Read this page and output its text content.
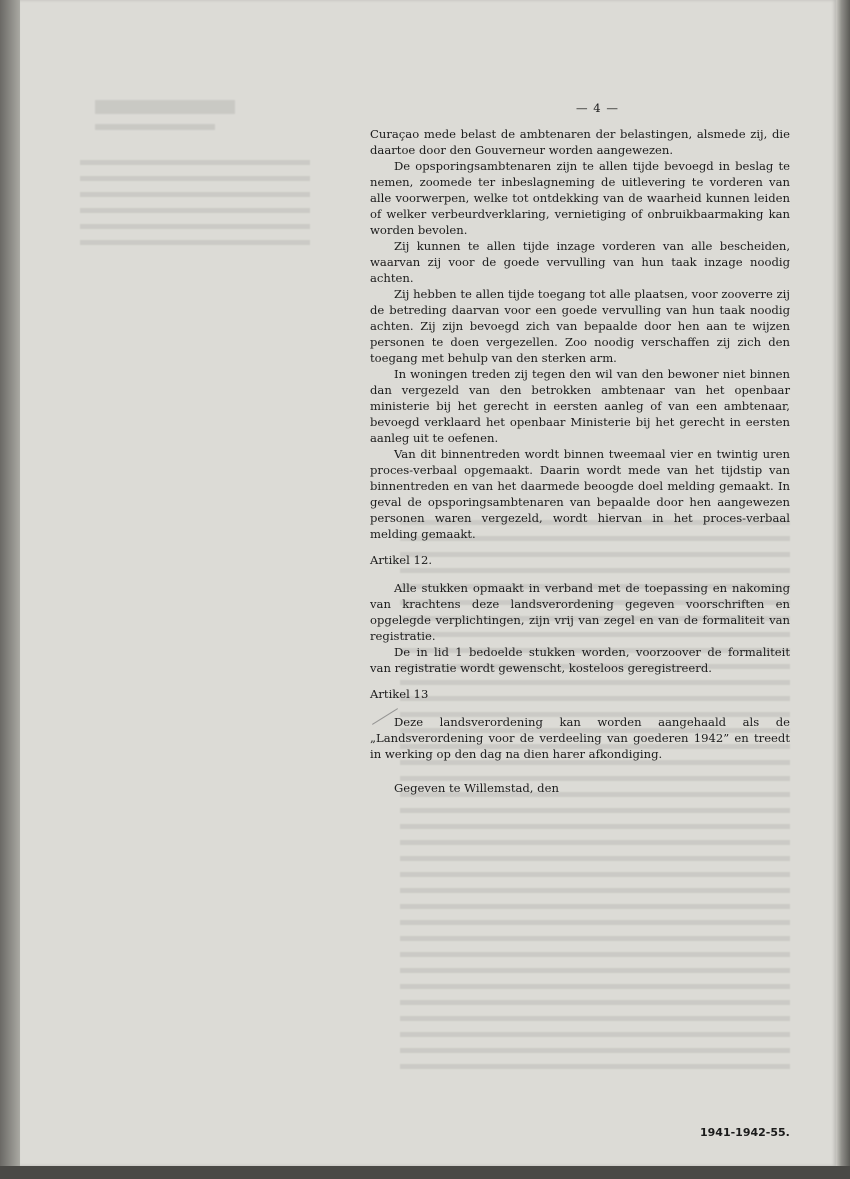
— 4 —

Curaçao mede belast de ambtenaren der belastingen, alsmede zij, die daartoe door den Gouverneur worden aangewezen.

De opsporingsambtenaren zijn te allen tijde bevoegd in beslag te nemen, zoomede ter inbeslagneming de uitlevering te vorderen van alle voorwerpen, welke tot ontdekking van de waarheid kunnen leiden of welker verbeurdverklaring, vernietiging of onbruikbaarmaking kan worden bevolen.

Zij kunnen te allen tijde inzage vorderen van alle bescheiden, waarvan zij voor de goede vervulling van hun taak inzage noodig achten.

Zij hebben te allen tijde toegang tot alle plaatsen, voor zooverre zij de betreding daarvan voor een goede vervulling van hun taak noodig achten. Zij zijn bevoegd zich van bepaalde door hen aan te wijzen personen te doen vergezellen. Zoo noodig verschaffen zij zich den toegang met behulp van den sterken arm.

In woningen treden zij tegen den wil van den bewoner niet binnen dan vergezeld van den betrokken ambtenaar van het openbaar ministerie bij het gerecht in eersten aanleg of van een ambtenaar, bevoegd verklaard het openbaar Ministerie bij het gerecht in eersten aanleg uit te oefenen.

Van dit binnentreden wordt binnen tweemaal vier en twintig uren proces-verbaal opgemaakt. Daarin wordt mede van het tijdstip van binnentreden en van het daarmede beoogde doel melding gemaakt. In geval de opsporingsambtenaren van bepaalde door hen aangewezen personen waren vergezeld, wordt hiervan in het proces-verbaal melding gemaakt.

Artikel 12.

Alle stukken opmaakt in verband met de toepassing en nakoming van krachtens deze landsverordening gegeven voorschriften en opgelegde verplichtingen, zijn vrij van zegel en van de formaliteit van registratie.

De in lid 1 bedoelde stukken worden, voorzoover de formaliteit van registratie wordt gewenscht, kosteloos geregistreerd.

Artikel 13

Deze landsverordening kan worden aangehaald als de „Landsverordening voor de verdeeling van goederen 1942” en treedt in werking op den dag na dien harer afkondiging.

Gegeven te Willemstad, den

1941-1942-55.
